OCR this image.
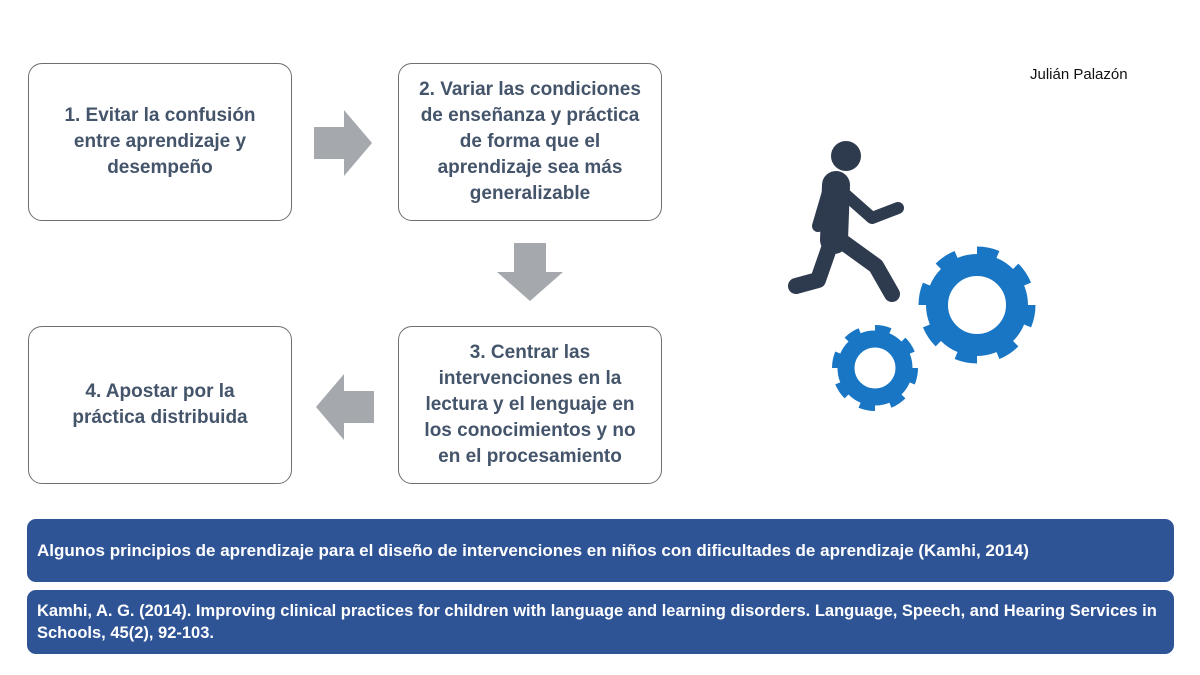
Julián Palazón
1. Evitar la confusión
entre aprendizaje y
desempeño
2. Variar las condiciones
de enseñanza y práctica
de forma que el
aprendizaje sea más
generalizable
3. Centrar las
intervenciones en la
lectura y el lenguaje en
los conocimientos y no
en el procesamiento
4. Apostar por la
práctica distribuida
Algunos principios de aprendizaje para el diseño de intervenciones en niños con dificultades de aprendizaje (Kamhi, 2014)
Kamhi, A. G. (2014). Improving clinical practices for children with language and learning disorders. Language, Speech, and Hearing Services in Schools, 45(2), 92-103.
